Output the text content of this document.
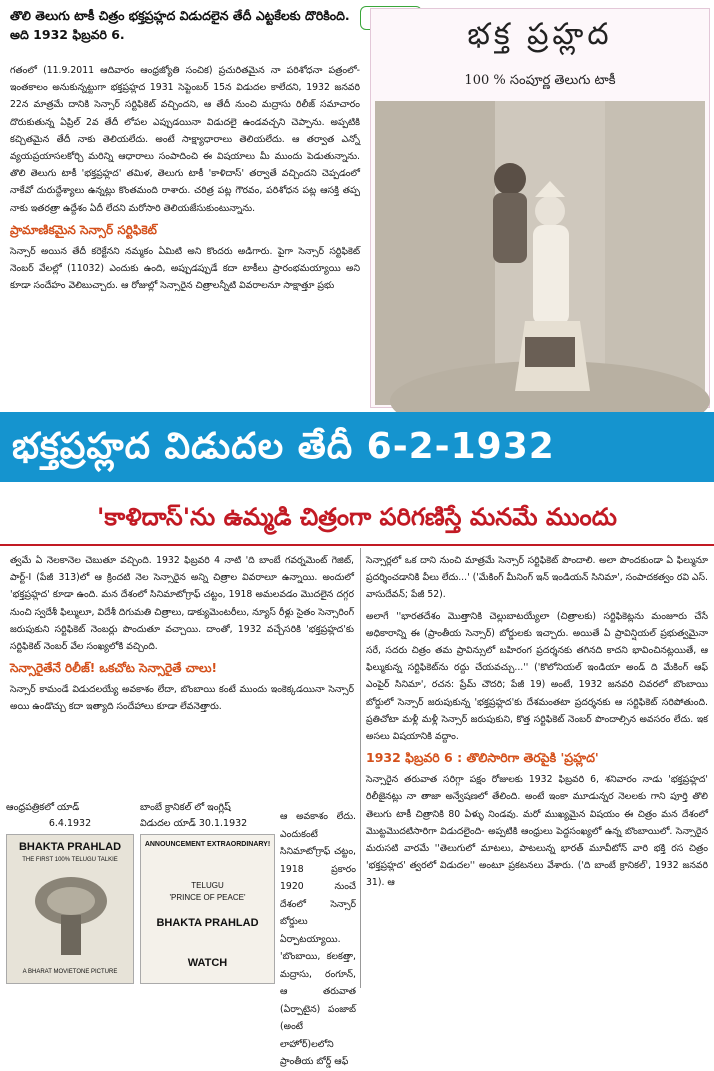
తొలి తెలుగు టాకీ చిత్రం భక్తప్రహ్లద విడుదలైన తేదీ ఎట్టకేలకు దొరికింది. అది 1932 ఫిబ్రవరి 6.

గతంలో (11.9.2011 ఆదివారం ఆంధ్రజ్యోతి సంచిక) ప్రచురితమైన నా పరిశోధనా పత్రంలో- ఇంతకాలం అనుకున్నట్టుగా భక్తప్రహ్లద 1931 సెప్టెంబర్ 15న విడుదల కాలేదని, 1932 జనవరి 22న మాత్రమే దానికి సెన్సార్ సర్టిఫికెట్ వచ్చిందని, ఆ తేదీ నుంచి మద్రాసు రిలీజ్ సమాచారం దొరుకుతున్న ఏప్రిల్ 2వ తేదీ లోపల ఎప్పుడయినా విడుదలై ఉండవచ్చని చెప్పాను. అప్పటికి కచ్చితమైన తేదీ నాకు తెలియలేదు. అంటే సాక్ష్యాధారాలు తెలియలేదు. ఆ తర్వాత ఎన్నో వ్యయప్రయాసలకోర్చి మరిన్ని ఆధారాలు సంపాదించి ఈ విషయాలు మీ ముందు పెడుతున్నాను. తొలి తెలుగు టాకీ 'భక్తప్రహ్లద' తమిళ, తెలుగు టాకీ 'కాళిదాస్' తర్వాతే వచ్చిందని చెప్పడంలో నాకేవో దురుద్దేశ్యాలు ఉన్నట్లు కొంతమంది రాశారు. చరిత్ర పట్ల గౌరవం, పరిశోధన పట్ల ఆసక్తి తప్ప నాకు ఇతరత్రా ఉద్దేశం ఏదీ లేదని మరోసారి తెలియజేసుకుంటున్నాను.

ప్రామాణికమైన సెన్సార్ సర్టిఫికెట్

సెన్సార్ అయిన తేదీ కరెక్టేనని నమ్మకం ఏమిటి అని కొందరు అడిగారు. పైగా సెన్సార్ సర్టిఫికెట్ నెంబర్ వేలల్లో (11032) ఎందుకు ఉంది, అప్పుడప్పుడే కదా టాకీలు ప్రారంభమయ్యాయి అని కూడా సందేహం వెలిబుచ్చారు. ఆ రోజుల్లో సెన్సారైన చిత్రాలన్నీటి వివరాలనూ సాక్షాత్తూ ప్రభు

భక్త ప్రహ్లద
100 % సంపూర్ణ తెలుగు టాకీ
భక్తప్రహ్లద విడుదల తేదీ 6-2-1932
'కాళిదాస్'ను ఉమ్మడి చిత్రంగా పరిగణిస్తే మనమే ముందు

త్వమే ఏ నెలకానెల చెబుతూ వచ్చింది. 1932 ఫిబ్రవరి 4 నాటి 'ది బాంబే గవర్నమెంట్ గెజిట్, పార్ట్-I (పేజీ 313)లో ఆ క్రిందటి నెల సెన్సారైన అన్ని చిత్రాల వివరాలూ ఉన్నాయి. అందులో 'భక్తప్రహ్లద' కూడా ఉంది. మన దేశంలో సినిమాటోగ్రాఫ్ చట్టం, 1918 అమలవడం మొదలైన దగ్గర నుంచి స్వదేశీ ఫిల్ములూ, విదేశీ దిగుమతి చిత్రాలు, డాక్యుమెంటరీలు, న్యూస్ రీళ్లు సైతం సెన్సారింగ్ జరుపుకుని సర్టిఫికెట్ నెంబర్లు పొందుతూ వచ్చాయి. దాంతో, 1932 వచ్చేసరికి 'భక్తప్రహ్లద'కు సర్టిఫికెట్ నెంబర్ వేల సంఖ్యలోకి వచ్చింది.

సెన్సారైతేనే రిలీజ్! ఒకచోట సెన్సారైతే చాలు!

సెన్సార్ కామండే విడుదలయ్యే అవకాశం లేదా, బొంబాయి కంటే ముందు ఇంకెక్కడయినా సెన్సార్ అయి ఉండొచ్చు కదా ఇత్యాది సందేహాలు కూడా లేవనెత్తారు.

ఆంధ్రపత్రికలో యాడ్
6.4.1932
BHAKTA PRAHLAD
THE FIRST 100% TELUGU TALKIE
A BHARAT MOVIETONE PICTURE
బాంబే క్రానికల్ లో ఇంగ్లిష్
విడుదల యాడ్ 30.1.1932
ANNOUNCEMENT EXTRAORDINARY!
TELUGU
'PRINCE OF PEACE'
BHAKTA PRAHLAD
WATCH

ఆ అవకాశం లేదు. ఎందుకంటే సినిమాటోగ్రాఫ్ చట్టం, 1918 ప్రకారం 1920 నుంచే దేశంలో సెన్సార్ బోర్డులు ఏర్పాటయ్యాయి. 'బొంబాయి, కలకత్తా, మద్రాసు, రంగూన్, ఆ తరువాత (ఏర్పాటైన) పంజాబ్ (అంటే లాహోర్)లలోని ప్రాంతీయ బోర్డ్ ఆఫ్

సెన్సార్లలో ఒక దాని నుంచి మాత్రమే సెన్సార్ సర్టిఫికెట్ పొందాలి. అలా పొందకుండా ఏ ఫిల్మునూ ప్రదర్శించడానికి వీలు లేదు...' ('మేకింగ్ మీనింగ్ ఇన్ ఇండియన్ సినిమా', సంపాదకత్వం రవి ఎస్. వాసుదేవన్; పేజీ 52).

అలాగే ''భారతదేశం మొత్తానికి చెల్లుబాటయ్యేలా (చిత్రాలకు) సర్టిఫికెట్లను మంజూరు చేసే అధికారాన్ని ఈ (ప్రాంతీయ సెన్సార్) బోర్డులకు ఇచ్చారు. అయితే ఏ ప్రావిన్షియల్ ప్రభుత్వమైనా సరే, సదరు చిత్రం తమ ప్రావిన్సులో బహిరంగ ప్రదర్శనకు తగినది కాదని భావించినట్లయితే, ఆ ఫిల్ముకున్న సర్టిఫికెట్‌ను రద్దు చేయవచ్చు...'' ('కొలోనియల్ ఇండియా అండ్ ది మేకింగ్ ఆఫ్ ఎంపైర్ సినిమా', రచన: ప్రేమ్ చౌదరి; పేజీ 19) అంటే, 1932 జనవరి చివరలో బొంబాయి బోర్డులో సెన్సార్ జరుపుకున్న 'భక్తప్రహ్లద'కు దేశమంతటా ప్రదర్శనకు ఆ సర్టిఫికెట్ సరిపోతుంది. ప్రతిచోటా మళ్లీ మళ్లీ సెన్సార్ జరుపుకుని, కొత్త సర్టిఫికెట్ నెంబర్ పొందాల్సిన అవసరం లేదు. ఇక అసలు విషయానికి వద్దాం.

1932 ఫిబ్రవరి 6 : తొలిసారిగా తెరపైకి 'ప్రహ్లద'

సెన్సారైన తరువాత సరిగ్గా పక్షం రోజులకు 1932 ఫిబ్రవరి 6, శనివారం నాడు 'భక్తప్రహ్లద' రిలీజైనట్లు నా తాజా అన్వేషణలో తేలింది. అంటే ఇంకా మూడున్నర నెలలకు గాని పూర్తి తొలి తెలుగు టాకీ చిత్రానికి 80 ఏళ్ళు నిండవు. మరో ముఖ్యమైన విషయం ఈ చిత్రం మన దేశంలో మొట్టమొదటిసారిగా విడుదలైంది- అప్పటికి ఆంధ్రులు పెద్దసంఖ్యలో ఉన్న బొంబాయిలో. సెన్సారైన మరుసటి వారమే ''తెలుగులో మాటలు, పాటలున్న భారత్ మూవీటోన్ వారి భక్తి రస చిత్రం 'భక్తప్రహ్లద' త్వరలో విడుదల'' అంటూ ప్రకటనలు వేశారు. ('ది బాంబే క్రానికల్', 1932 జనవరి 31). ఆ
